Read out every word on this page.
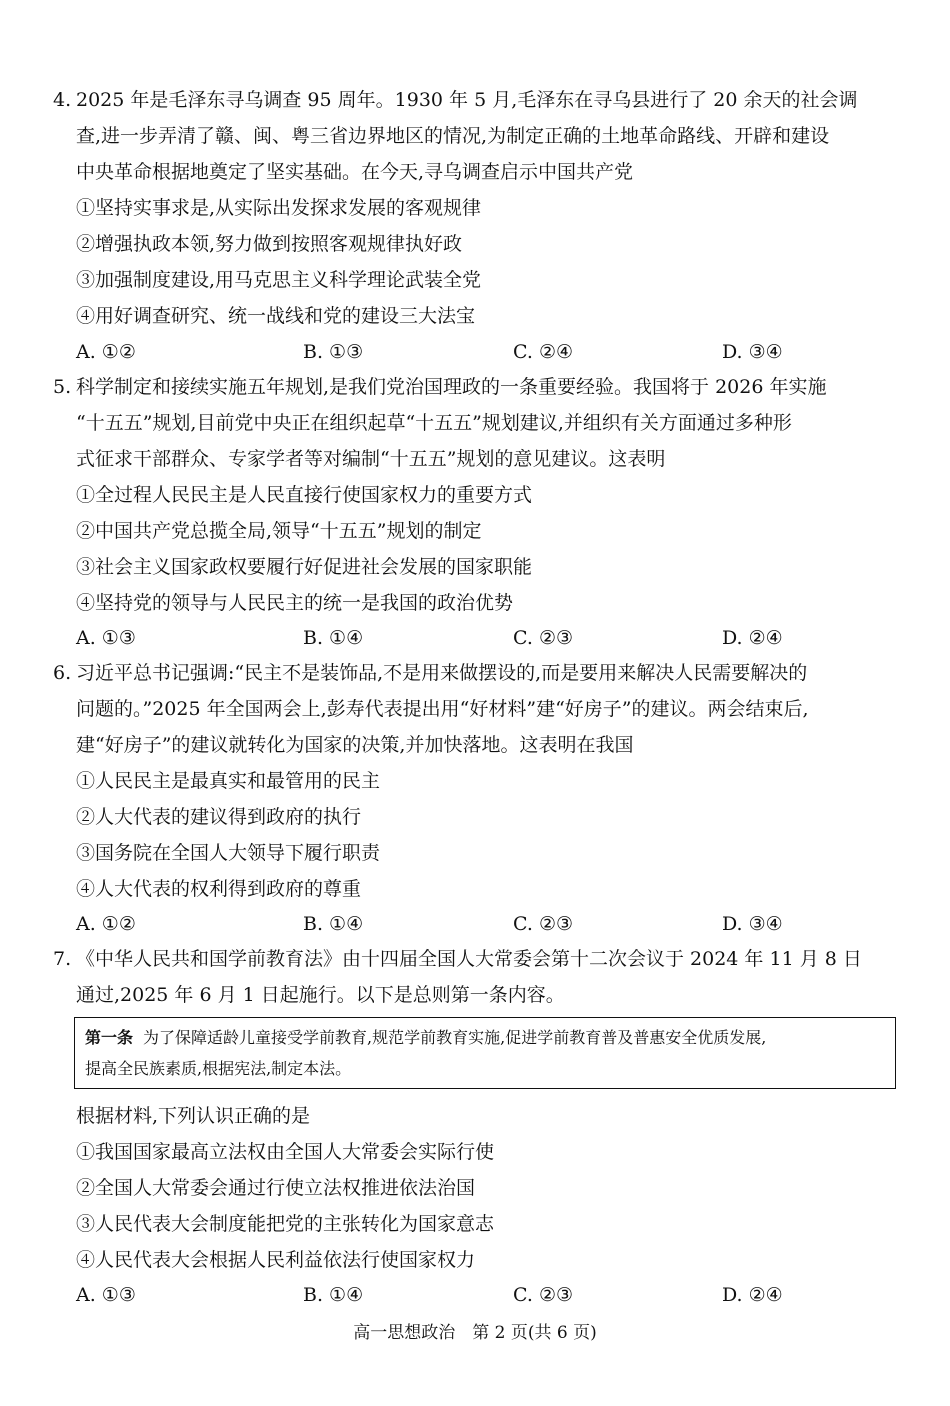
4. 2025 年是毛泽东寻乌调查 95 周年。1930 年 5 月,毛泽东在寻乌县进行了 20 余天的社会调
查,进一步弄清了赣、闽、粤三省边界地区的情况,为制定正确的土地革命路线、开辟和建设
中央革命根据地奠定了坚实基础。在今天,寻乌调查启示中国共产党
①坚持实事求是,从实际出发探求发展的客观规律
②增强执政本领,努力做到按照客观规律执好政
③加强制度建设,用马克思主义科学理论武装全党
④用好调查研究、统一战线和党的建设三大法宝
A. ①②	B. ①③	C. ②④	D. ③④
5. 科学制定和接续实施五年规划,是我们党治国理政的一条重要经验。我国将于 2026 年实施
“十五五”规划,目前党中央正在组织起草“十五五”规划建议,并组织有关方面通过多种形
式征求干部群众、专家学者等对编制“十五五”规划的意见建议。这表明
①全过程人民民主是人民直接行使国家权力的重要方式
②中国共产党总揽全局,领导“十五五”规划的制定
③社会主义国家政权要履行好促进社会发展的国家职能
④坚持党的领导与人民民主的统一是我国的政治优势
A. ①③	B. ①④	C. ②③	D. ②④
6. 习近平总书记强调:“民主不是装饰品,不是用来做摆设的,而是要用来解决人民需要解决的
问题的。”2025 年全国两会上,彭寿代表提出用“好材料”建“好房子”的建议。两会结束后,
建“好房子”的建议就转化为国家的决策,并加快落地。这表明在我国
①人民民主是最真实和最管用的民主
②人大代表的建议得到政府的执行
③国务院在全国人大领导下履行职责
④人大代表的权利得到政府的尊重
A. ①②	B. ①④	C. ②③	D. ③④
7. 《中华人民共和国学前教育法》由十四届全国人大常委会第十二次会议于 2024 年 11 月 8 日
通过,2025 年 6 月 1 日起施行。以下是总则第一条内容。
第一条 为了保障适龄儿童接受学前教育,规范学前教育实施,促进学前教育普及普惠安全优质发展,
提高全民族素质,根据宪法,制定本法。
根据材料,下列认识正确的是
①我国国家最高立法权由全国人大常委会实际行使
②全国人大常委会通过行使立法权推进依法治国
③人民代表大会制度能把党的主张转化为国家意志
④人民代表大会根据人民利益依法行使国家权力
A. ①③	B. ①④	C. ②③	D. ②④
高一思想政治　第 2 页(共 6 页)
